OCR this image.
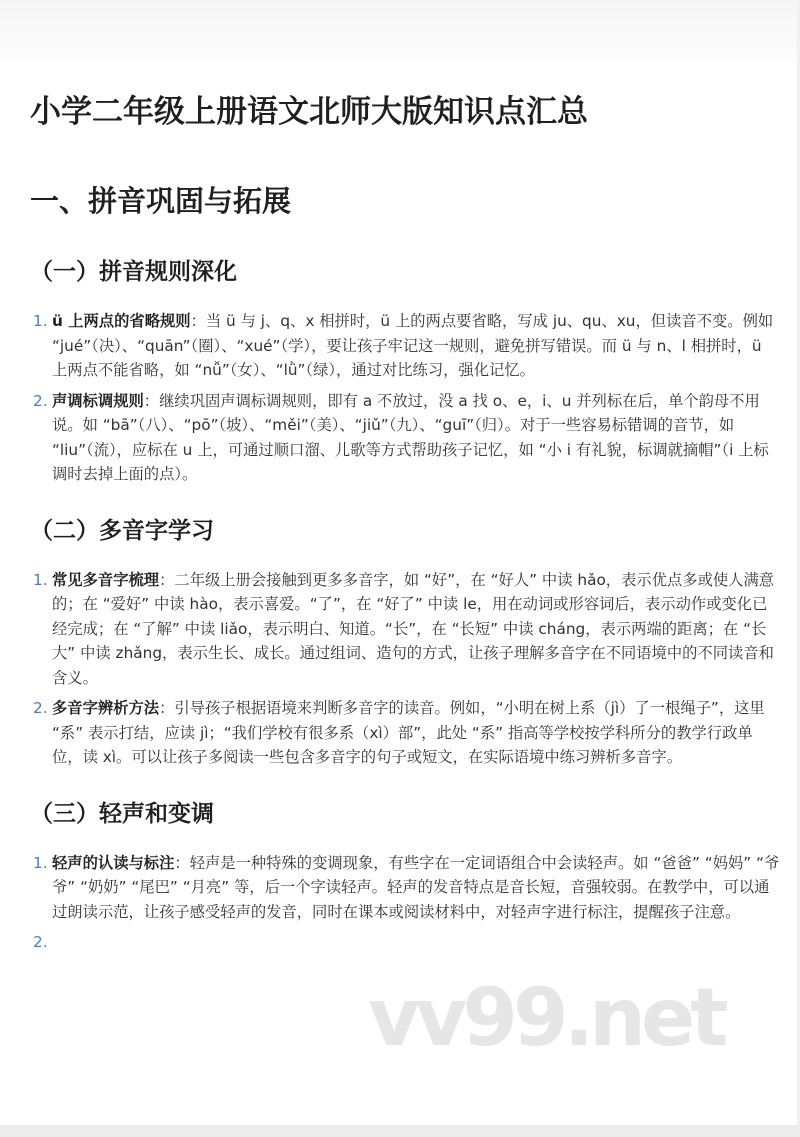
小学二年级上册语文北师大版知识点汇总
一、拼音巩固与拓展
（一）拼音规则深化
1. ü 上两点的省略规则：当 ü 与 j、q、x 相拼时，ü 上的两点要省略，写成 ju、qu、xu，但读音不变。例如 “jué”（决）、“quān”（圈）、“xué”（学），要让孩子牢记这一规则，避免拼写错误。而 ü 与 n、l 相拼时，ü 上两点不能省略，如 “nǚ”（女）、“lǜ”（绿），通过对比练习，强化记忆。
2. 声调标调规则：继续巩固声调标调规则，即有 a 不放过，没 a 找 o、e，i、u 并列标在后，单个韵母不用说。如 “bā”（八）、“pō”（坡）、“měi”（美）、“jiǔ”（九）、“guī”（归）。对于一些容易标错调的音节，如 “liu”（流），应标在 u 上，可通过顺口溜、儿歌等方式帮助孩子记忆，如 “小 i 有礼貌，标调就摘帽”（i 上标调时去掉上面的点）。
（二）多音字学习
1. 常见多音字梳理：二年级上册会接触到更多多音字，如 “好”，在 “好人” 中读 hǎo，表示优点多或使人满意的；在 “爱好” 中读 hào，表示喜爱。“了”，在 “好了” 中读 le，用在动词或形容词后，表示动作或变化已经完成；在 “了解” 中读 liǎo，表示明白、知道。“长”，在 “长短” 中读 cháng，表示两端的距离；在 “长大” 中读 zhǎng，表示生长、成长。通过组词、造句的方式，让孩子理解多音字在不同语境中的不同读音和含义。
2. 多音字辨析方法：引导孩子根据语境来判断多音字的读音。例如，“小明在树上系（jì）了一根绳子”，这里 “系” 表示打结，应读 jì；“我们学校有很多系（xì）部”，此处 “系” 指高等学校按学科所分的教学行政单位，读 xì。可以让孩子多阅读一些包含多音字的句子或短文，在实际语境中练习辨析多音字。
（三）轻声和变调
1. 轻声的认读与标注：轻声是一种特殊的变调现象，有些字在一定词语组合中会读轻声。如 “爸爸” “妈妈” “爷爷” “奶奶” “尾巴” “月亮” 等，后一个字读轻声。轻声的发音特点是音长短，音强较弱。在教学中，可以通过朗读示范，让孩子感受轻声的发音，同时在课本或阅读材料中，对轻声字进行标注，提醒孩子注意。
2.
vv99.net
